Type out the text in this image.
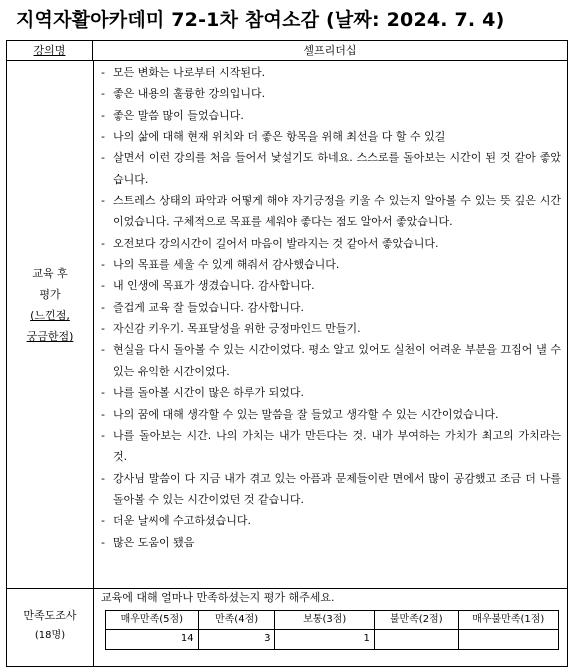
지역자활아카데미 72-1차 참여소감 (날짜: 2024. 7. 4)
강의명	셀프리더십
교육 후
평가
(느낀점,
궁금한점)
- 모든 변화는 나로부터 시작된다.
- 좋은 내용의 훌륭한 강의입니다.
- 좋은 말씀 많이 들었습니다.
- 나의 삶에 대해 현재 위치와 더 좋은 항목을 위해 최선을 다 할 수 있길
- 살면서 이런 강의를 처음 들어서 낯설기도 하네요. 스스로를 돌아보는 시간이 된 것 같아 좋았습니다.
- 스트레스 상태의 파악과 어떻게 해야 자기긍정을 키울 수 있는지 알아볼 수 있는 뜻 깊은 시간이었습니다. 구체적으로 목표를 세워야 좋다는 점도 알아서 좋았습니다.
- 오전보다 강의시간이 길어서 마음이 발라지는 것 같아서 좋았습니다.
- 나의 목표를 세울 수 있게 해줘서 감사했습니다.
- 내 인생에 목표가 생겼습니다. 감사합니다.
- 즐겁게 교육 잘 들었습니다. 감사합니다.
- 자신감 키우기. 목표달성을 위한 긍정마인드 만들기.
- 현실을 다시 돌아볼 수 있는 시간이었다. 평소 알고 있어도 실천이 어려운 부분을 끄집어 낼 수 있는 유익한 시간이었다.
- 나를 돌아볼 시간이 많은 하루가 되었다.
- 나의 꿈에 대해 생각할 수 있는 말씀을 잘 들었고 생각할 수 있는 시간이었습니다.
- 나를 돌아보는 시간. 나의 가치는 내가 만든다는 것. 내가 부여하는 가치가 최고의 가치라는 것.
- 강사님 말씀이 다 지금 내가 겪고 있는 아픔과 문제들이란 면에서 많이 공감했고 조금 더 나를 돌아볼 수 있는 시간이었던 것 같습니다.
- 더운 날씨에 수고하셨습니다.
- 많은 도움이 됐음
만족도조사
(18명)
교육에 대해 얼마나 만족하셨는지 평가 해주세요.
매우만족(5점)	만족(4점)	보통(3점)	불만족(2점)	매우불만족(1점)
14	3	1
